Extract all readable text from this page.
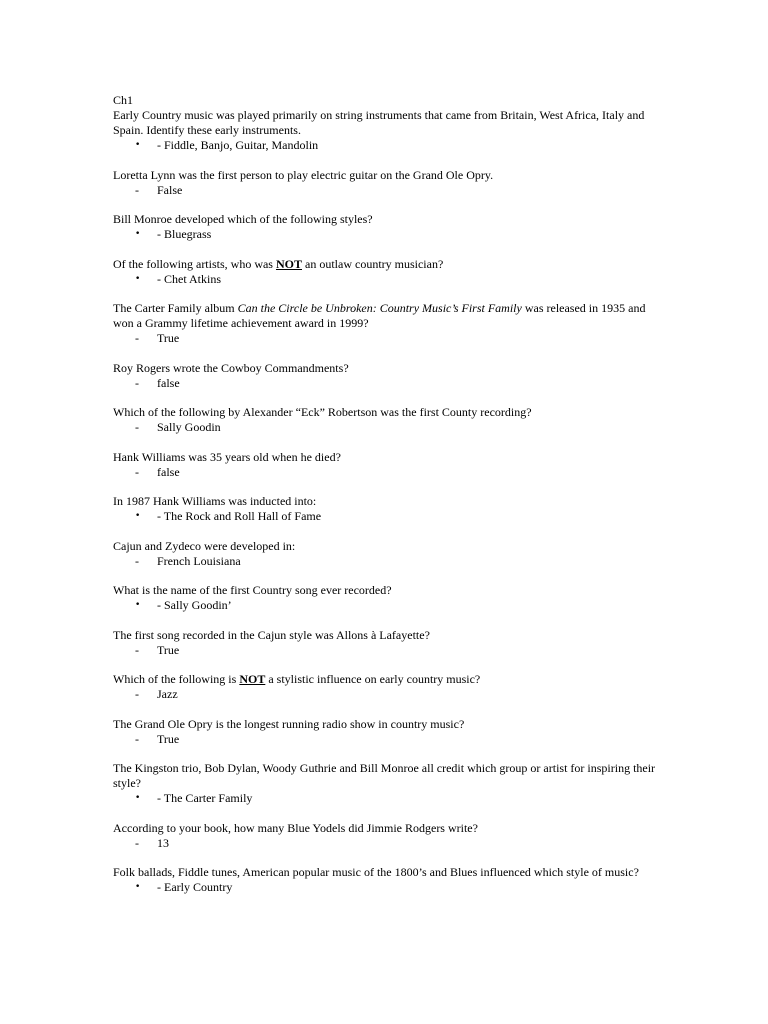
Ch1

Early Country music was played primarily on string instruments that came from Britain, West Africa, Italy and Spain. Identify these early instruments.

•	- Fiddle, Banjo, Guitar, Mandolin

Loretta Lynn was the first person to play electric guitar on the Grand Ole Opry.

-	False

Bill Monroe developed which of the following styles?

•	- Bluegrass

Of the following artists, who was NOT an outlaw country musician?

•	- Chet Atkins

The Carter Family album Can the Circle be Unbroken: Country Music’s First Family was released in 1935 and won a Grammy lifetime achievement award in 1999?

-	True

Roy Rogers wrote the Cowboy Commandments?

-	false

Which of the following by Alexander “Eck” Robertson was the first County recording?

-	Sally Goodin

Hank Williams was 35 years old when he died?

-	false

In 1987 Hank Williams was inducted into:

•	- The Rock and Roll Hall of Fame

Cajun and Zydeco were developed in:

-	French Louisiana

What is the name of the first Country song ever recorded?

•	- Sally Goodin’

The first song recorded in the Cajun style was Allons à Lafayette?

-	True

Which of the following is NOT a stylistic influence on early country music?

-	Jazz

The Grand Ole Opry is the longest running radio show in country music?

-	True

The Kingston trio, Bob Dylan, Woody Guthrie and Bill Monroe all credit which group or artist for inspiring their style?

•	- The Carter Family

According to your book, how many Blue Yodels did Jimmie Rodgers write?

-	13

Folk ballads, Fiddle tunes, American popular music of the 1800’s and Blues influenced which style of music?

•	- Early Country
